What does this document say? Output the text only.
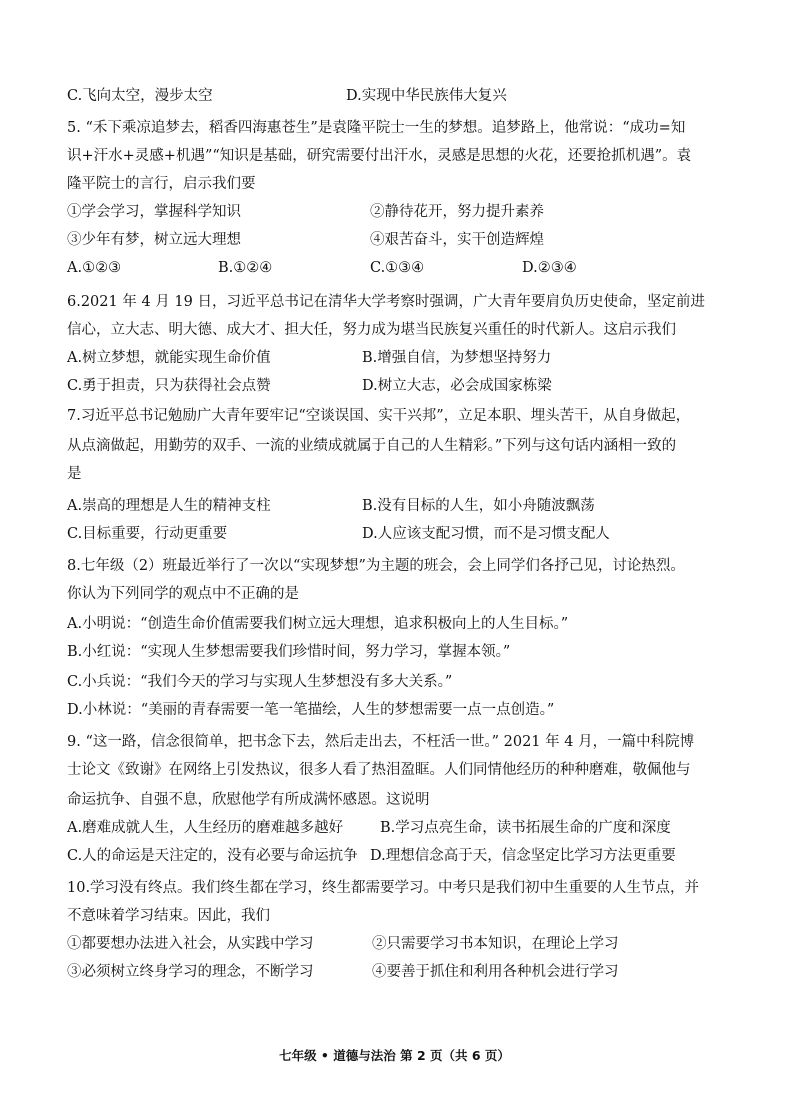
C.飞向太空，漫步太空	D.实现中华民族伟大复兴
5. “禾下乘凉追梦去，稻香四海惠苍生”是袁隆平院士一生的梦想。追梦路上，他常说：“成功=知
识+汗水+灵感+机遇”“知识是基础，研究需要付出汗水，灵感是思想的火花，还要抢抓机遇”。袁
隆平院士的言行，启示我们要
①学会学习，掌握科学知识	②静待花开，努力提升素养
③少年有梦，树立远大理想	④艰苦奋斗，实干创造辉煌
A.①②③	B.①②④	C.①③④	D.②③④
6.2021 年 4 月 19 日，习近平总书记在清华大学考察时强调，广大青年要肩负历史使命，坚定前进
信心，立大志、明大德、成大才、担大任，努力成为堪当民族复兴重任的时代新人。这启示我们
A.树立梦想，就能实现生命价值	B.增强自信，为梦想坚持努力
C.勇于担责，只为获得社会点赞	D.树立大志，必会成国家栋梁
7.习近平总书记勉励广大青年要牢记“空谈误国、实干兴邦”，立足本职、埋头苦干，从自身做起，
从点滴做起，用勤劳的双手、一流的业绩成就属于自己的人生精彩。”下列与这句话内涵相一致的
是
A.崇高的理想是人生的精神支柱	B.没有目标的人生，如小舟随波飘荡
C.目标重要，行动更重要	D.人应该支配习惯，而不是习惯支配人
8.七年级（2）班最近举行了一次以“实现梦想”为主题的班会，会上同学们各抒己见，讨论热烈。
你认为下列同学的观点中不正确的是
A.小明说：“创造生命价值需要我们树立远大理想，追求积极向上的人生目标。”
B.小红说：“实现人生梦想需要我们珍惜时间，努力学习，掌握本领。”
C.小兵说：“我们今天的学习与实现人生梦想没有多大关系。”
D.小林说：“美丽的青春需要一笔一笔描绘，人生的梦想需要一点一点创造。”
9. “这一路，信念很简单，把书念下去，然后走出去，不枉活一世。” 2021 年 4 月，一篇中科院博
士论文《致谢》在网络上引发热议，很多人看了热泪盈眶。人们同情他经历的种种磨难，敬佩他与
命运抗争、自强不息，欣慰他学有所成满怀感恩。这说明
A.磨难成就人生，人生经历的磨难越多越好	B.学习点亮生命，读书拓展生命的广度和深度
C.人的命运是天注定的，没有必要与命运抗争 D.理想信念高于天，信念坚定比学习方法更重要
10.学习没有终点。我们终生都在学习，终生都需要学习。中考只是我们初中生重要的人生节点，并
不意味着学习结束。因此，我们
①都要想办法进入社会，从实践中学习	②只需要学习书本知识，在理论上学习
③必须树立终身学习的理念，不断学习	④要善于抓住和利用各种机会进行学习
七年级 • 道德与法治 第 2 页（共 6 页）
